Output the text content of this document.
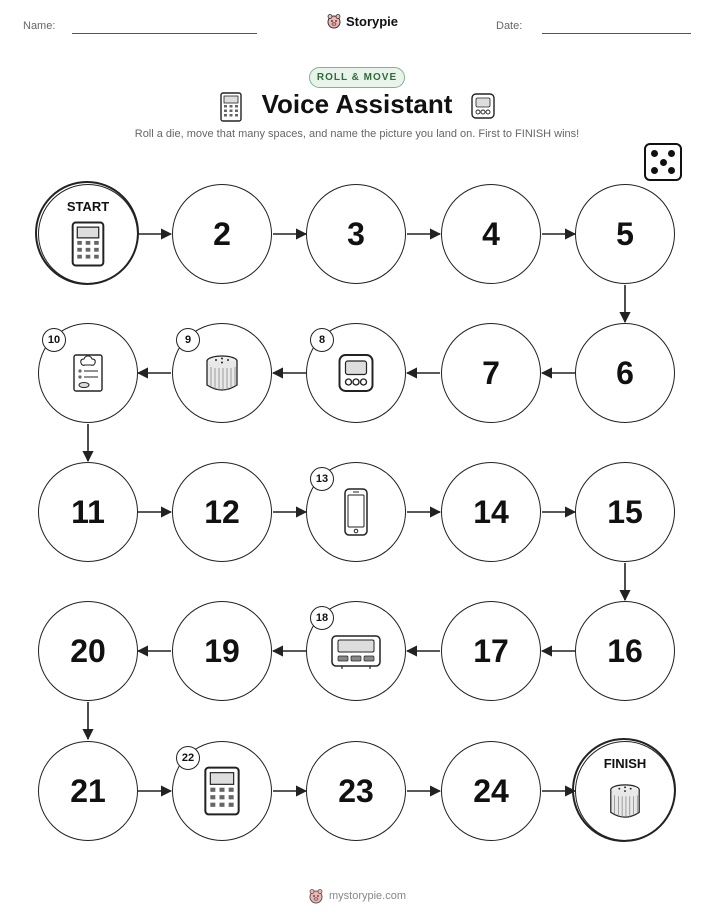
Name:	Storypie	Date:
ROLL & MOVE
Voice Assistant
Roll a die, move that many spaces, and name the picture you land on. First to FINISH wins!
START
2	3	4	5
10	9	8
7	6
11	12
13
14	15
20	19
18
17	16
21
22
23	24
FINISH
mystorypie.com
